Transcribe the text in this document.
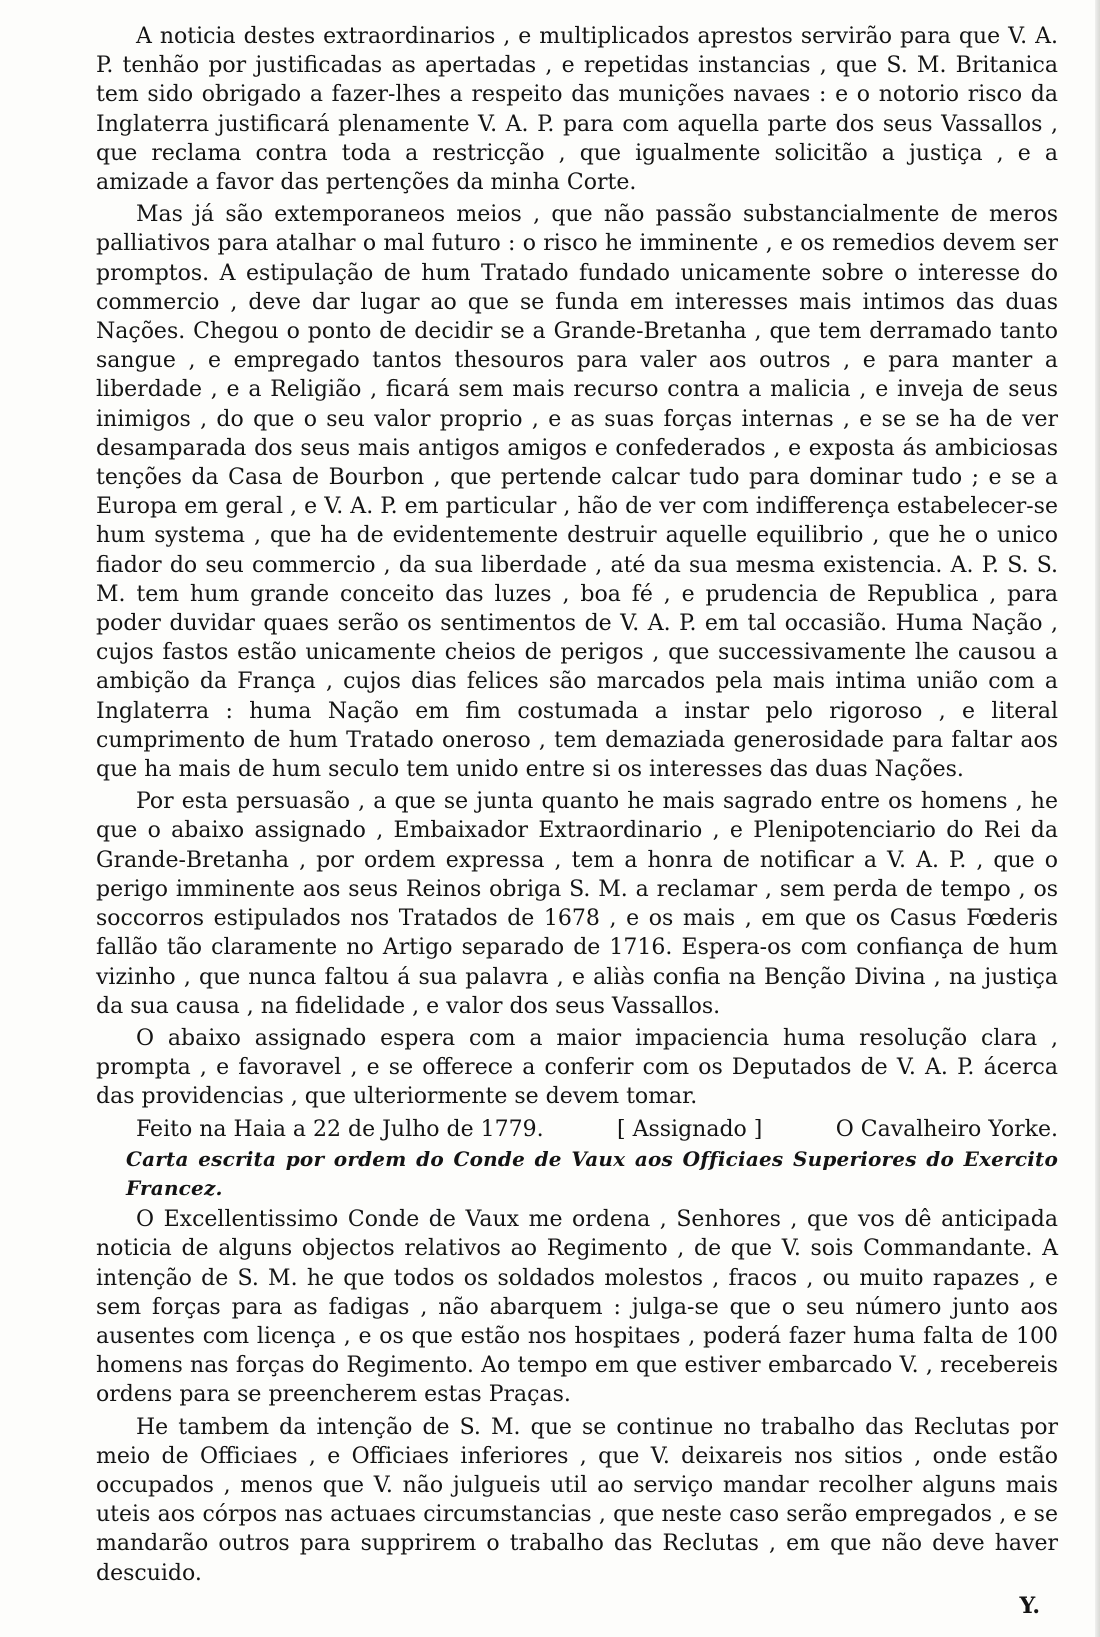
A noticia destes extraordinarios , e multiplicados aprestos servirão para que V. A. P. tenhão por justificadas as apertadas , e repetidas instancias , que S. M. Britanica tem sido obrigado a fazer-lhes a respeito das munições navaes : e o notorio risco da Inglaterra justificará plenamente V. A. P. para com aquella parte dos seus Vassallos , que reclama contra toda a restricção , que igualmente solicitão a justiça , e a amizade a favor das pertenções da minha Corte.

Mas já são extemporaneos meios , que não passão substancialmente de meros palliativos para atalhar o mal futuro : o risco he imminente , e os remedios devem ser promptos. A estipulação de hum Tratado fundado unicamente sobre o interesse do commercio , deve dar lugar ao que se funda em interesses mais intimos das duas Nações. Chegou o ponto de decidir se a Grande-Bretanha , que tem derramado tanto sangue , e empregado tantos thesouros para valer aos outros , e para manter a liberdade , e a Religião , ficará sem mais recurso contra a malicia , e inveja de seus inimigos , do que o seu valor proprio , e as suas forças internas , e se se ha de ver desamparada dos seus mais antigos amigos e confederados , e exposta ás ambiciosas tenções da Casa de Bourbon , que pertende calcar tudo para dominar tudo ; e se a Europa em geral , e V. A. P. em particular , hão de ver com indifferença estabelecer-se hum systema , que ha de evidentemente destruir aquelle equilibrio , que he o unico fiador do seu commercio , da sua liberdade , até da sua mesma existencia. A. P. S. S. M. tem hum grande conceito das luzes , boa fé , e prudencia de Republica , para poder duvidar quaes serão os sentimentos de V. A. P. em tal occasião. Huma Nação , cujos fastos estão unicamente cheios de perigos , que successivamente lhe causou a ambição da França , cujos dias felices são marcados pela mais intima união com a Inglaterra : huma Nação em fim costumada a instar pelo rigoroso , e literal cumprimento de hum Tratado oneroso , tem demaziada generosidade para faltar aos que ha mais de hum seculo tem unido entre si os interesses das duas Nações.

Por esta persuasão , a que se junta quanto he mais sagrado entre os homens , he que o abaixo assignado , Embaixador Extraordinario , e Plenipotenciario do Rei da Grande-Bretanha , por ordem expressa , tem a honra de notificar a V. A. P. , que o perigo imminente aos seus Reinos obriga S. M. a reclamar , sem perda de tempo , os soccorros estipulados nos Tratados de 1678 , e os mais , em que os Casus Fœderis fallão tão claramente no Artigo separado de 1716. Espera-os com confiança de hum vizinho , que nunca faltou á sua palavra , e aliàs confia na Benção Divina , na justiça da sua causa , na fidelidade , e valor dos seus Vassallos.

O abaixo assignado espera com a maior impaciencia huma resolução clara , prompta , e favoravel , e se offerece a conferir com os Deputados de V. A. P. ácerca das providencias , que ulteriormente se devem tomar.

Feito na Haia a 22 de Julho de 1779.	[ Assignado ]	O Cavalheiro Yorke.

Carta escrita por ordem do Conde de Vaux aos Officiaes Superiores do Exercito Francez.

O Excellentissimo Conde de Vaux me ordena , Senhores , que vos dê anticipada noticia de alguns objectos relativos ao Regimento , de que V. sois Commandante. A intenção de S. M. he que todos os soldados molestos , fracos , ou muito rapazes , e sem forças para as fadigas , não abarquem : julga-se que o seu número junto aos ausentes com licença , e os que estão nos hospitaes , poderá fazer huma falta de 100 homens nas forças do Regimento. Ao tempo em que estiver embarcado V. , recebereis ordens para se preencherem estas Praças.

He tambem da intenção de S. M. que se continue no trabalho das Reclutas por meio de Officiaes , e Officiaes inferiores , que V. deixareis nos sitios , onde estão occupados , menos que V. não julgueis util ao serviço mandar recolher alguns mais uteis aos córpos nas actuaes circumstancias , que neste caso serão empregados , e se mandarão outros para supprirem o trabalho das Reclutas , em que não deve haver descuido.

Y.
